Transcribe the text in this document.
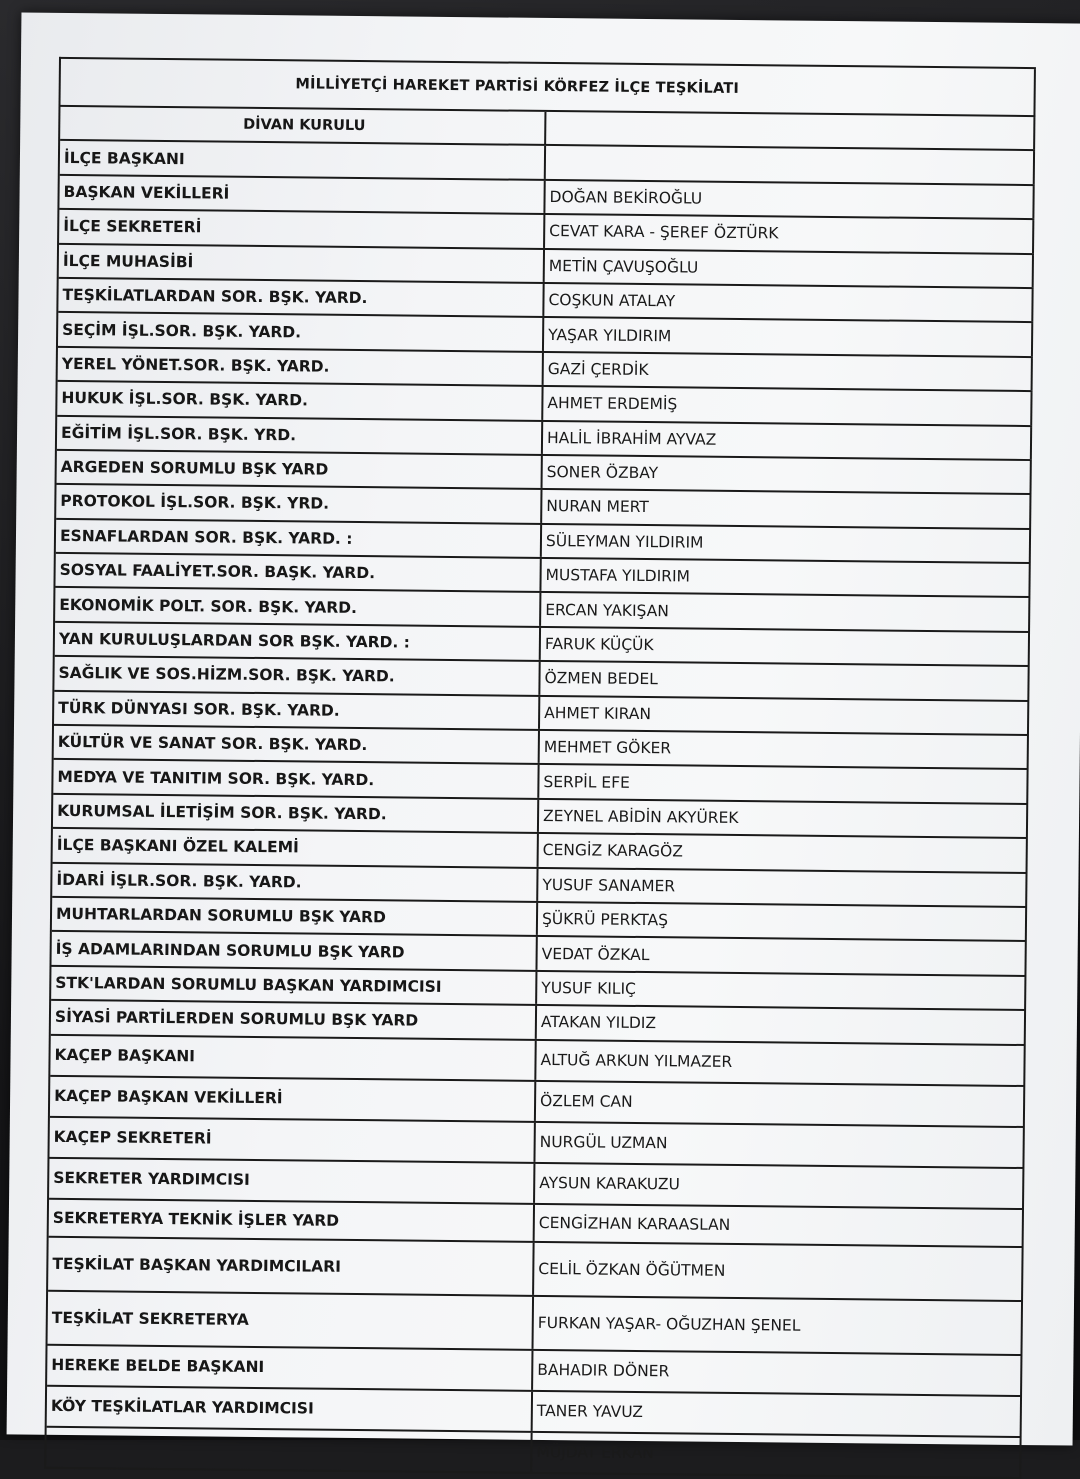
MİLLİYETÇİ HAREKET PARTİSİ KÖRFEZ İLÇE TEŞKİLATI
DİVAN KURULU
İLÇE BAŞKANI
BAŞKAN VEKİLLERİ	DOĞAN BEKİROĞLU
İLÇE SEKRETERİ	CEVAT KARA - ŞEREF ÖZTÜRK
İLÇE MUHASİBİ	METİN ÇAVUŞOĞLU
TEŞKİLATLARDAN SOR. BŞK. YARD.	COŞKUN ATALAY
SEÇİM İŞL.SOR. BŞK. YARD.	YAŞAR YILDIRIM
YEREL YÖNET.SOR. BŞK. YARD.	GAZİ ÇERDİK
HUKUK İŞL.SOR. BŞK. YARD.	AHMET ERDEMİŞ
EĞİTİM İŞL.SOR. BŞK. YRD.	HALİL İBRAHİM AYVAZ
ARGEDEN SORUMLU BŞK YARD	SONER ÖZBAY
PROTOKOL İŞL.SOR. BŞK. YRD.	NURAN MERT
ESNAFLARDAN SOR. BŞK. YARD. :	SÜLEYMAN YILDIRIM
SOSYAL FAALİYET.SOR. BAŞK. YARD.	MUSTAFA YILDIRIM
EKONOMİK POLT. SOR. BŞK. YARD.	ERCAN YAKIŞAN
YAN KURULUŞLARDAN SOR BŞK. YARD. :	FARUK KÜÇÜK
SAĞLIK VE SOS.HİZM.SOR. BŞK. YARD.	ÖZMEN BEDEL
TÜRK DÜNYASI SOR. BŞK. YARD.	AHMET KIRAN
KÜLTÜR VE SANAT SOR. BŞK. YARD.	MEHMET GÖKER
MEDYA VE TANITIM SOR. BŞK. YARD.	SERPİL EFE
KURUMSAL İLETİŞİM SOR. BŞK. YARD.	ZEYNEL ABİDİN AKYÜREK
İLÇE BAŞKANI ÖZEL KALEMİ	CENGİZ KARAGÖZ
İDARİ İŞLR.SOR. BŞK. YARD.	YUSUF SANAMER
MUHTARLARDAN SORUMLU BŞK YARD	ŞÜKRÜ PERKTAŞ
İŞ ADAMLARINDAN SORUMLU BŞK YARD	VEDAT ÖZKAL
STK'LARDAN SORUMLU BAŞKAN YARDIMCISI	YUSUF KILIÇ
SİYASİ PARTİLERDEN SORUMLU BŞK YARD	ATAKAN YILDIZ
KAÇEP BAŞKANI	ALTUĞ ARKUN YILMAZER
KAÇEP BAŞKAN VEKİLLERİ	ÖZLEM CAN
KAÇEP SEKRETERİ	NURGÜL UZMAN
SEKRETER YARDIMCISI	AYSUN KARAKUZU
SEKRETERYA TEKNİK İŞLER YARD	CENGİZHAN KARAASLAN
TEŞKİLAT BAŞKAN YARDIMCILARI	CELİL ÖZKAN ÖĞÜTMEN
TEŞKİLAT SEKRETERYA	FURKAN YAŞAR- OĞUZHAN ŞENEL
HEREKE BELDE BAŞKANI	BAHADIR DÖNER
KÖY TEŞKİLATLAR YARDIMCISI	TANER YAVUZ
MÜJDAT ERKAN
